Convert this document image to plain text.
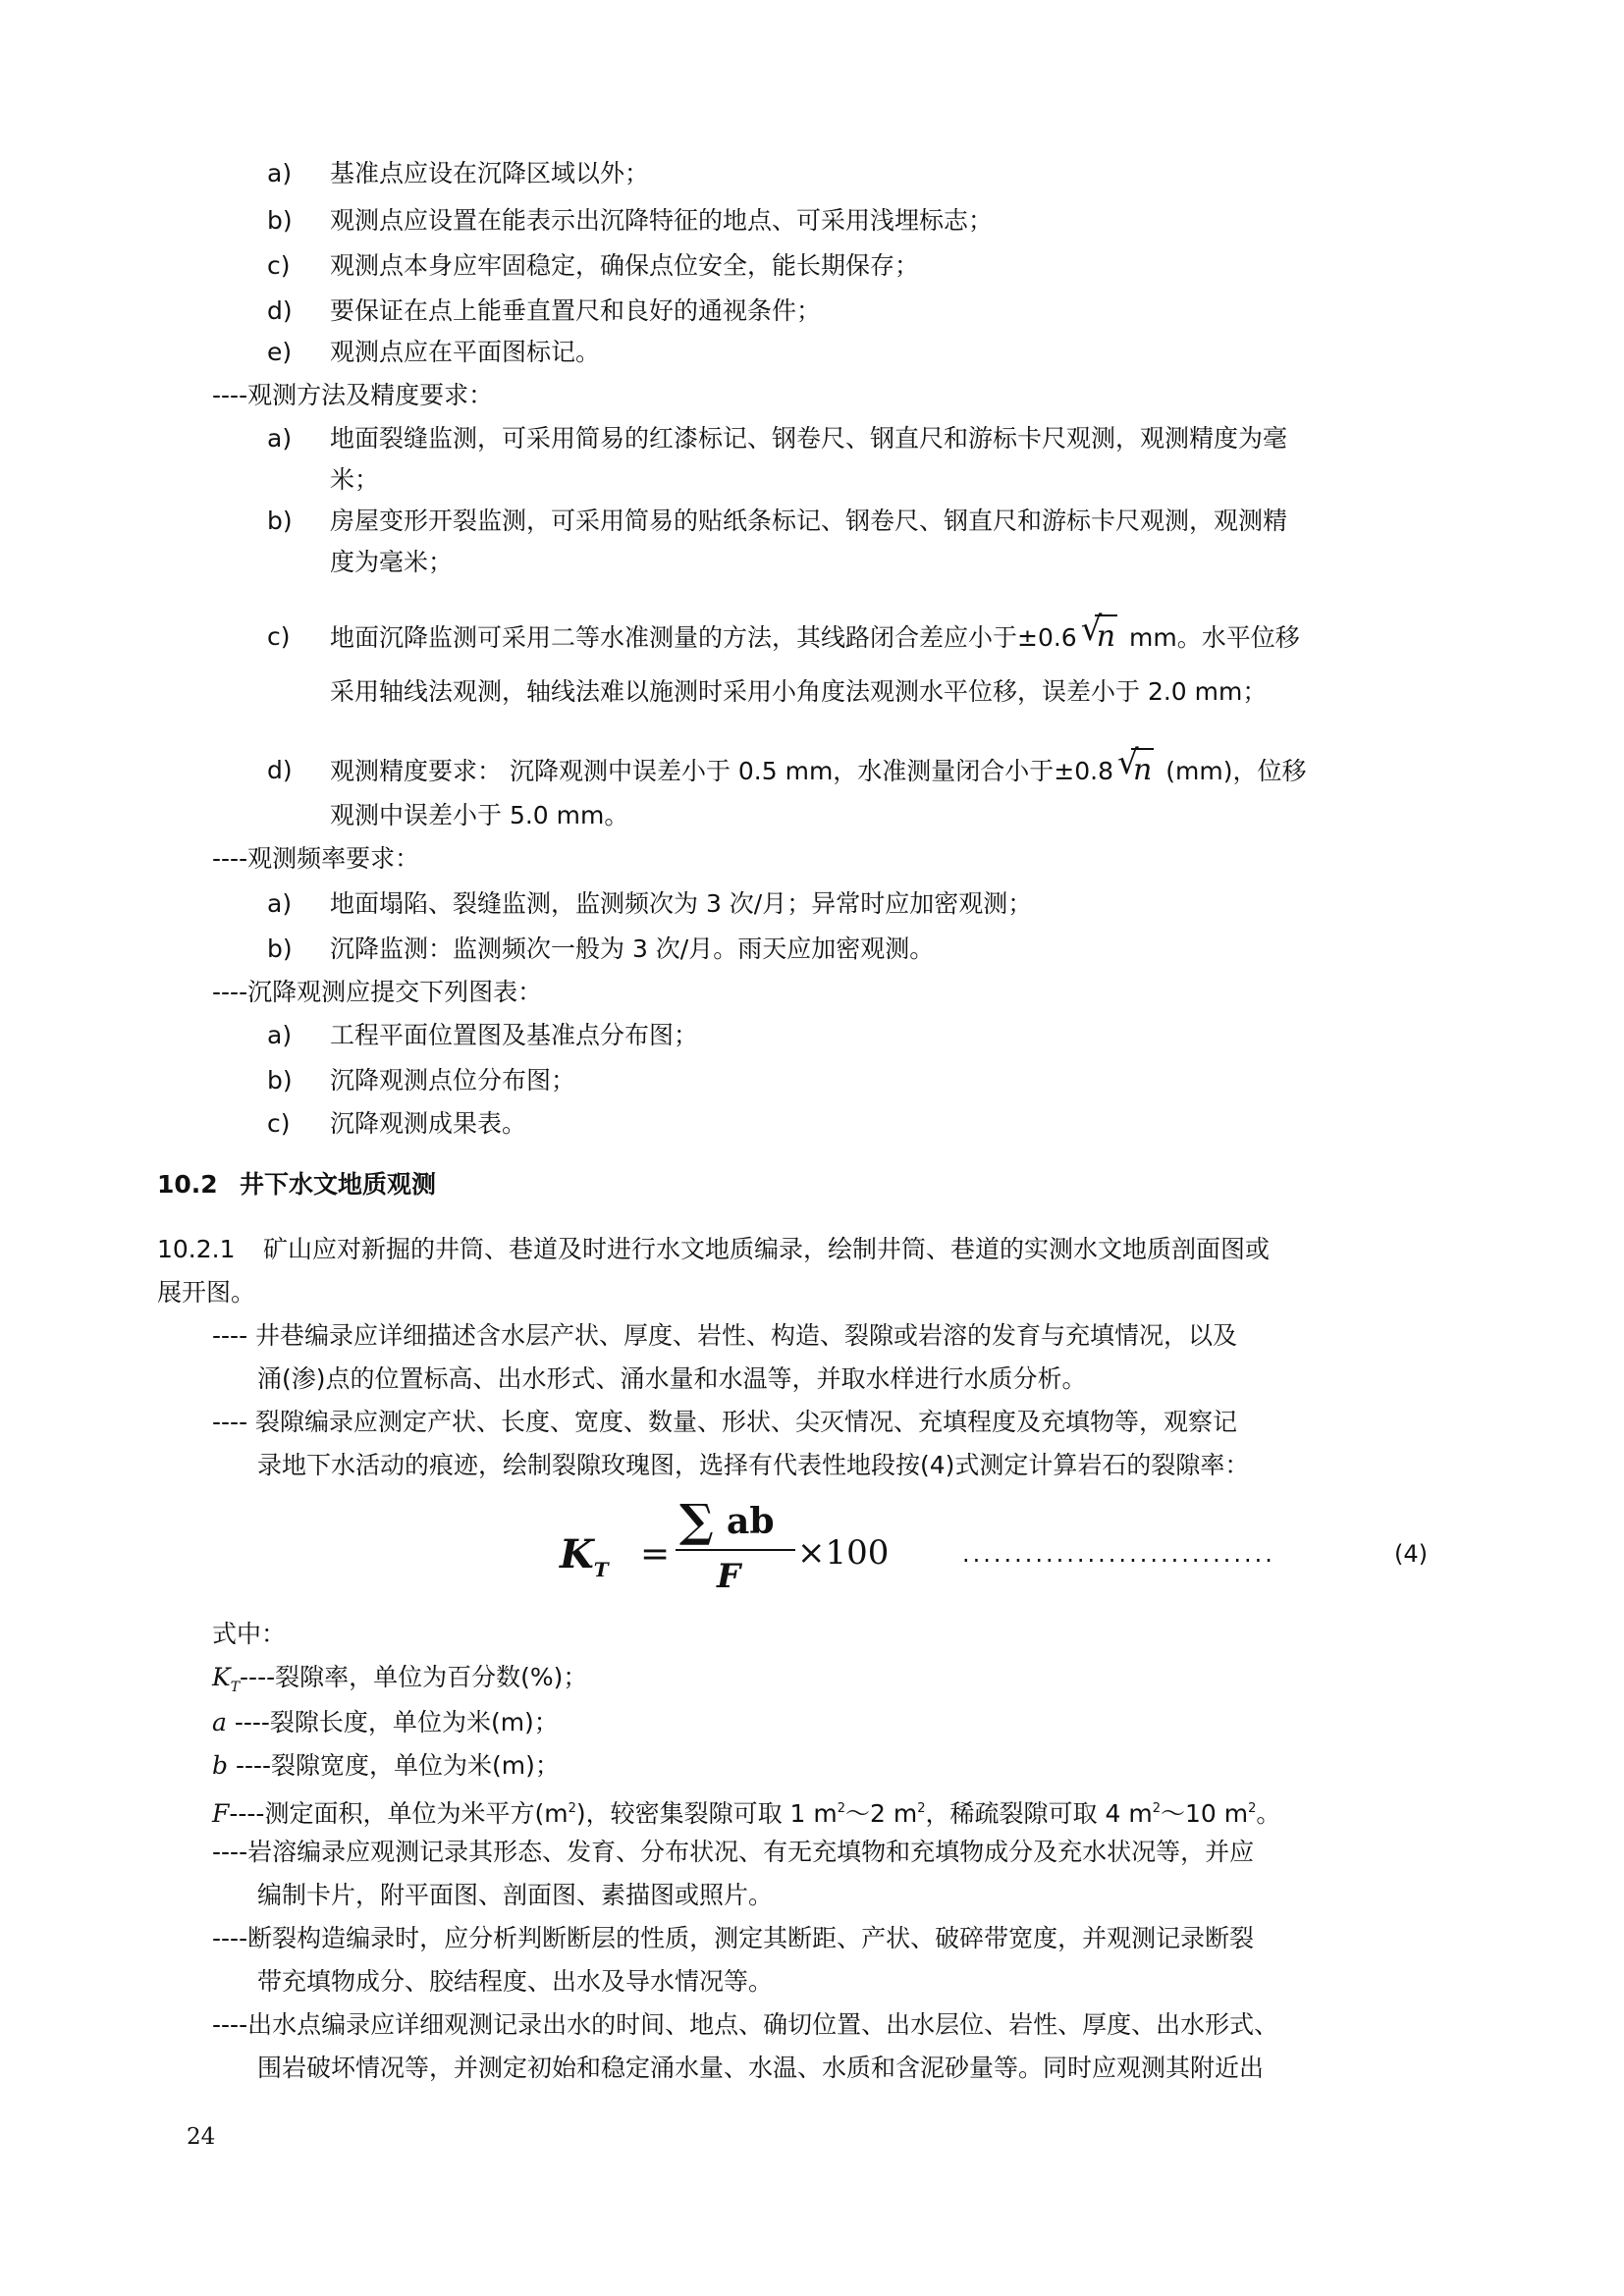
a) 基准点应设在沉降区域以外；
b) 观测点应设置在能表示出沉降特征的地点、可采用浅埋标志；
c) 观测点本身应牢固稳定，确保点位安全，能长期保存；
d) 要保证在点上能垂直置尺和良好的通视条件；
e) 观测点应在平面图标记。
----观测方法及精度要求：
a) 地面裂缝监测，可采用简易的红漆标记、钢卷尺、钢直尺和游标卡尺观测，观测精度为毫
米；
b) 房屋变形开裂监测，可采用简易的贴纸条标记、钢卷尺、钢直尺和游标卡尺观测，观测精
度为毫米；
c) 地面沉降监测可采用二等水准测量的方法，其线路闭合差应小于±0.6 √
n mm。水平位移
采用轴线法观测，轴线法难以施测时采用小角度法观测水平位移，误差小于 2.0 mm；
d) 观测精度要求： 沉降观测中误差小于 0.5 mm，水准测量闭合小于±0.8 √
n (mm)，位移
观测中误差小于 5.0 mm。
----观测频率要求：
a) 地面塌陷、裂缝监测，监测频次为 3 次/月；异常时应加密观测；
b) 沉降监测：监测频次一般为 3 次/月。雨天应加密观测。
----沉降观测应提交下列图表：
a) 工程平面位置图及基准点分布图；
b) 沉降观测点位分布图；
c) 沉降观测成果表。
10.2 井下水文地质观测
10.2.1 矿山应对新掘的井筒、巷道及时进行水文地质编录，绘制井筒、巷道的实测水文地质剖面图或
展开图。
---- 井巷编录应详细描述含水层产状、厚度、岩性、构造、裂隙或岩溶的发育与充填情况，以及
涌(渗)点的位置标高、出水形式、涌水量和水温等，并取水样进行水质分析。
---- 裂隙编录应测定产状、长度、宽度、数量、形状、尖灭情况、充填程度及充填物等，观察记
录地下水活动的痕迹，绘制裂隙玫瑰图，选择有代表性地段按(4)式测定计算岩石的裂隙率：
$K_T$ =
∑ ab
F
×100	..............................	(4)
式中：
$K_T----$裂隙率，单位为百分数(%)；
a ----裂隙长度，单位为米(m)；
b ----裂隙宽度，单位为米(m)；
F----测定面积，单位为米平方$(m^2)$，较密集裂隙可取 1 $m^2\sim 2$ $m^2$，稀疏裂隙可取 4 $m^2\sim 10$ $m^2$。
----岩溶编录应观测记录其形态、发育、分布状况、有无充填物和充填物成分及充水状况等，并应
编制卡片，附平面图、剖面图、素描图或照片。
----断裂构造编录时，应分析判断断层的性质，测定其断距、产状、破碎带宽度，并观测记录断裂
带充填物成分、胶结程度、出水及导水情况等。
----出水点编录应详细观测记录出水的时间、地点、确切位置、出水层位、岩性、厚度、出水形式、
围岩破坏情况等，并测定初始和稳定涌水量、水温、水质和含泥砂量等。同时应观测其附近出
24
